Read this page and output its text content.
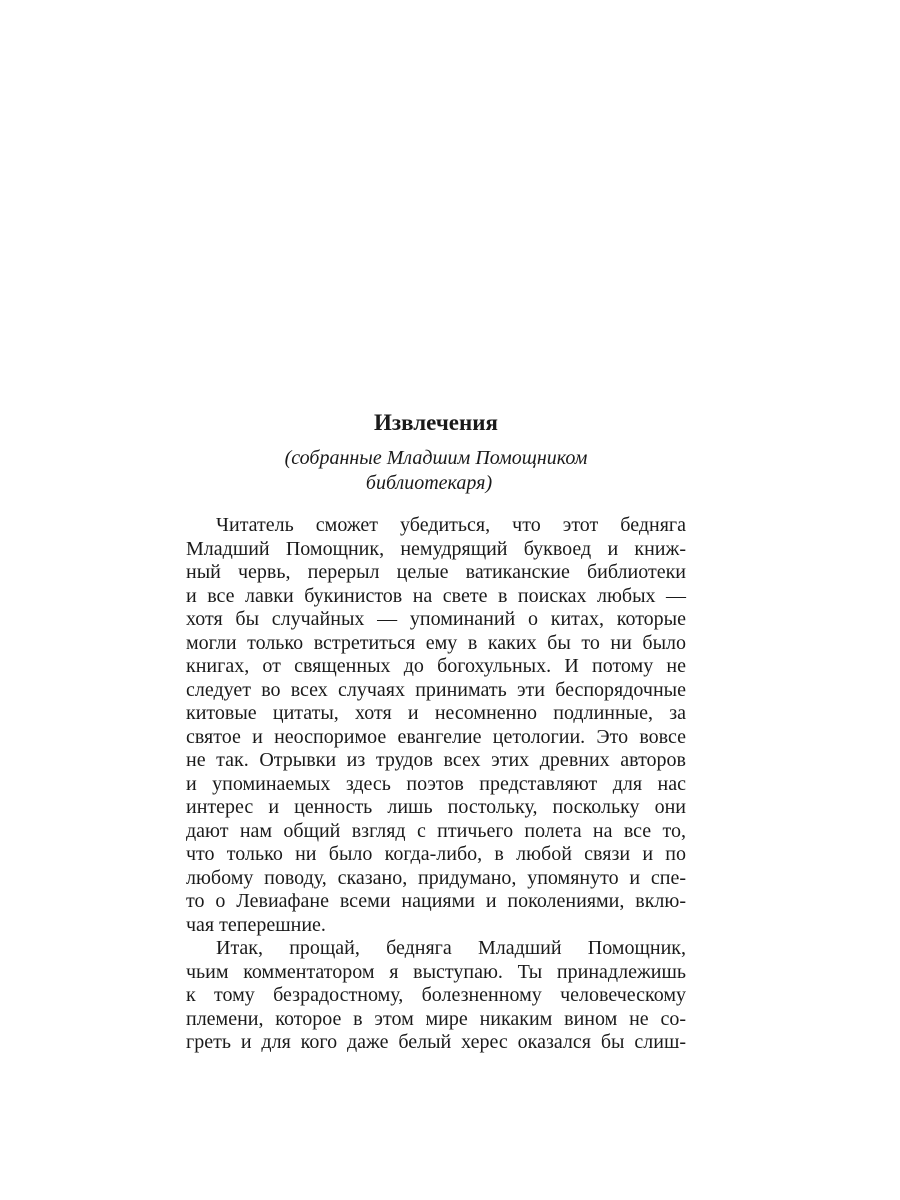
Извлечения
(собранные Младшим Помощником
библиотекаря)
Читатель сможет убедиться, что этот бедняга
Младший Помощник, немудрящий буквоед и книж-
ный червь, перерыл целые ватиканские библиотеки
и все лавки букинистов на свете в поисках любых —
хотя бы случайных — упоминаний о китах, которые
могли только встретиться ему в каких бы то ни было
книгах, от священных до богохульных. И потому не
следует во всех случаях принимать эти беспорядочные
китовые цитаты, хотя и несомненно подлинные, за
святое и неоспоримое евангелие цетологии. Это вовсе
не так. Отрывки из трудов всех этих древних авторов
и упоминаемых здесь поэтов представляют для нас
интерес и ценность лишь постольку, поскольку они
дают нам общий взгляд с птичьего полета на все то,
что только ни было когда-либо, в любой связи и по
любому поводу, сказано, придумано, упомянуто и спе-
то о Левиафане всеми нациями и поколениями, вклю-
чая теперешние.
Итак, прощай, бедняга Младший Помощник,
чьим комментатором я выступаю. Ты принадлежишь
к тому безрадостному, болезненному человеческому
племени, которое в этом мире никаким вином не со-
греть и для кого даже белый херес оказался бы слиш-
